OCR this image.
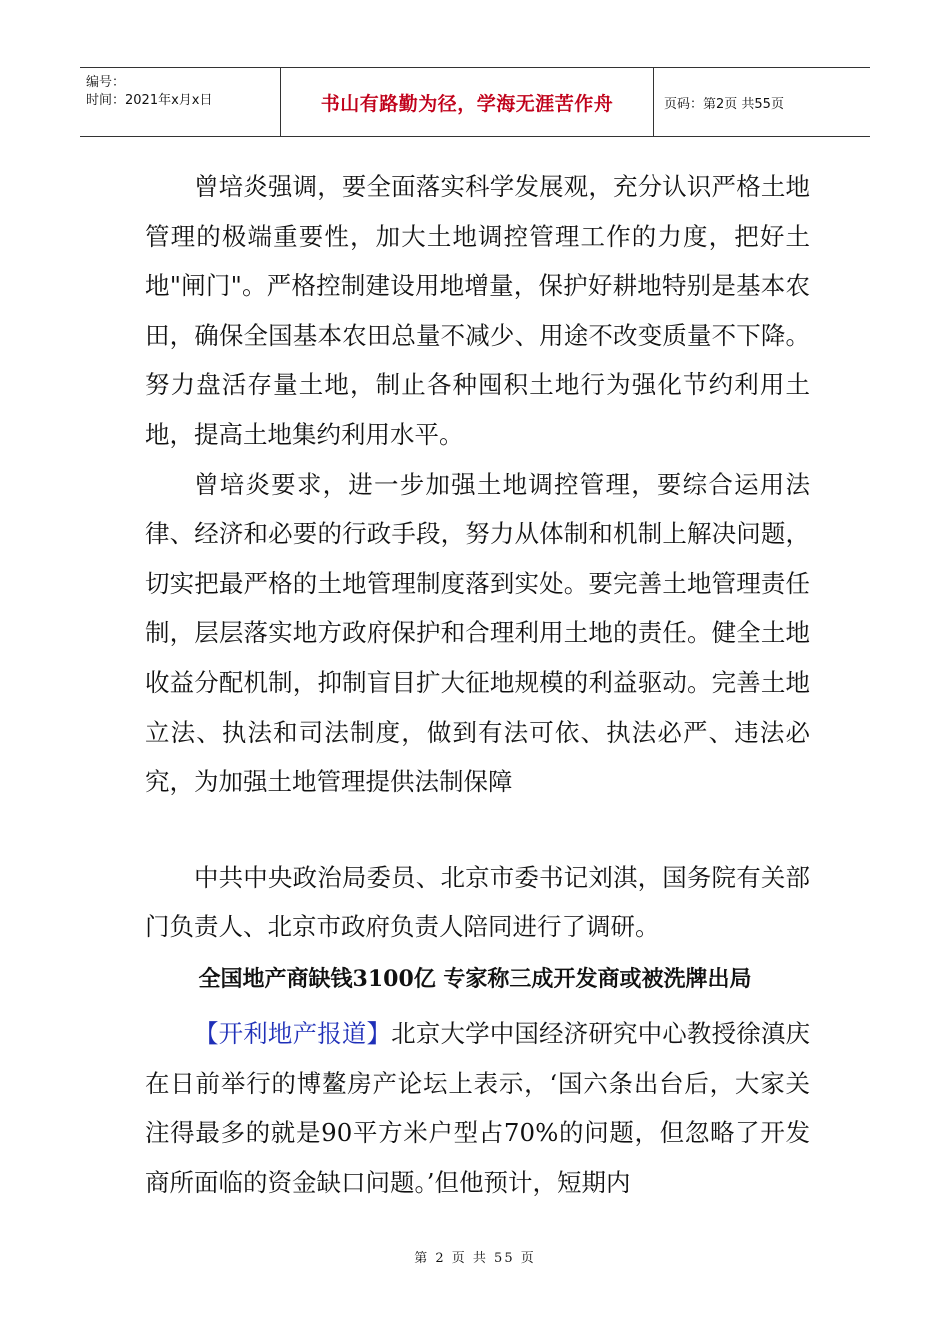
编号：
时间：2021年x月x日	书山有路勤为径，学海无涯苦作舟	页码：第2页 共55页

曾培炎强调，要全面落实科学发展观，充分认识严格土地管理的极端重要性，加大土地调控管理工作的力度，把好土地"闸门"。严格控制建设用地增量，保护好耕地特别是基本农田，确保全国基本农田总量不减少、用途不改变质量不下降。努力盘活存量土地，制止各种囤积土地行为强化节约利用土地，提高土地集约利用水平。

曾培炎要求，进一步加强土地调控管理，要综合运用法律、经济和必要的行政手段，努力从体制和机制上解决问题，切实把最严格的土地管理制度落到实处。要完善土地管理责任制，层层落实地方政府保护和合理利用土地的责任。健全土地收益分配机制，抑制盲目扩大征地规模的利益驱动。完善土地立法、执法和司法制度，做到有法可依、执法必严、违法必究，为加强土地管理提供法制保障

中共中央政治局委员、北京市委书记刘淇，国务院有关部门负责人、北京市政府负责人陪同进行了调研。

全国地产商缺钱3100亿 专家称三成开发商或被洗牌出局

【开利地产报道】北京大学中国经济研究中心教授徐滇庆在日前举行的博鳌房产论坛上表示，‘国六条出台后，大家关注得最多的就是90平方米户型占70%的问题，但忽略了开发商所面临的资金缺口问题。’但他预计，短期内

第 2 页 共 55 页
